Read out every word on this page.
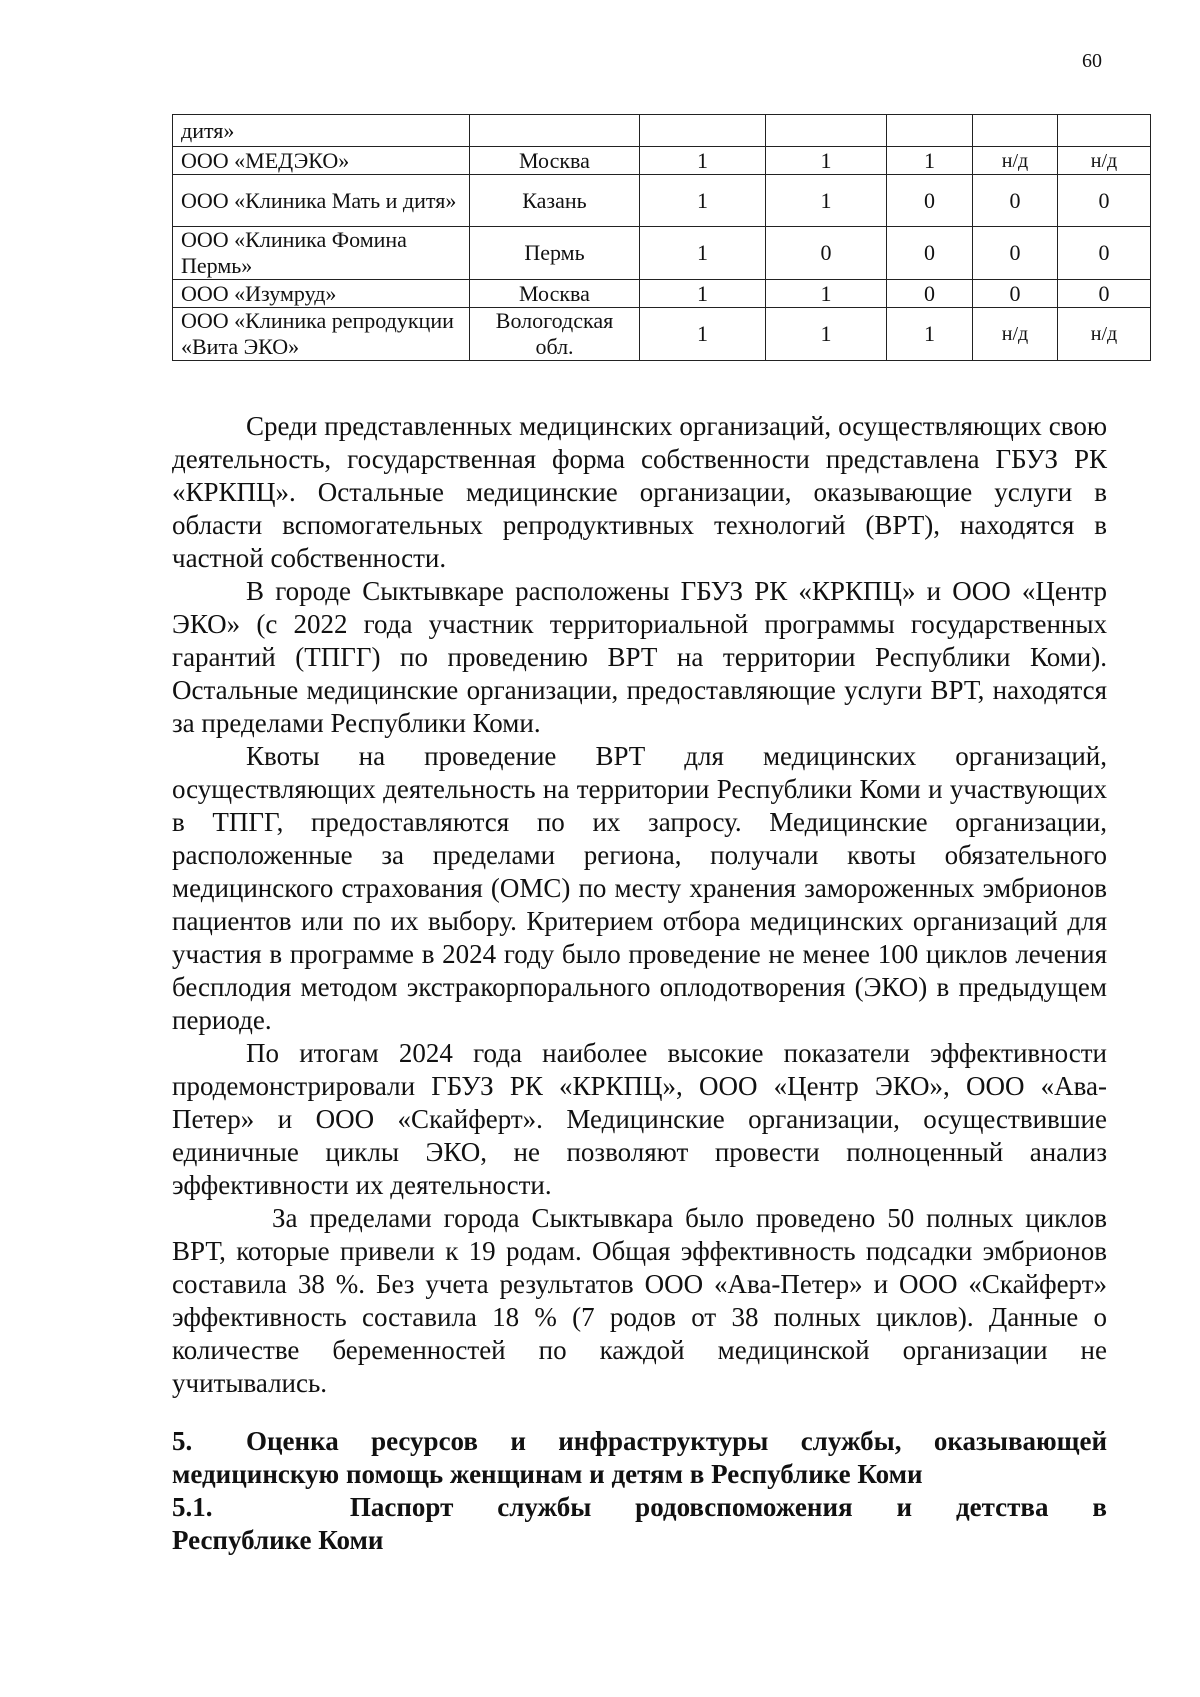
60
дитя»						
ООО «МЕДЭКО»	Москва	1	1	1	н/д	н/д
ООО «Клиника Мать и дитя»	Казань	1	1	0	0	0
ООО «Клиника Фомина Пермь»	Пермь	1	0	0	0	0
ООО «Изумруд»	Москва	1	1	0	0	0
ООО «Клиника репродукции «Вита ЭКО»	Вологодская обл.	1	1	1	н/д	н/д

Среди представленных медицинских организаций, осуществляющих свою деятельность, государственная форма собственности представлена ГБУЗ РК «КРКПЦ». Остальные медицинские организации, оказывающие услуги в области вспомогательных репродуктивных технологий (ВРТ), находятся в частной собственности.

В городе Сыктывкаре расположены ГБУЗ РК «КРКПЦ» и ООО «Центр ЭКО» (с 2022 года участник территориальной программы государственных гарантий (ТПГГ) по проведению ВРТ на территории Республики Коми). Остальные медицинские организации, предоставляющие услуги ВРТ, находятся за пределами Республики Коми.

Квоты на проведение ВРТ для медицинских организаций, осуществляющих деятельность на территории Республики Коми и участвующих в ТПГГ, предоставляются по их запросу. Медицинские организации, расположенные за пределами региона, получали квоты обязательного медицинского страхования (ОМС) по месту хранения замороженных эмбрионов пациентов или по их выбору. Критерием отбора медицинских организаций для участия в программе в 2024 году было проведение не менее 100 циклов лечения бесплодия методом экстракорпорального оплодотворения (ЭКО) в предыдущем периоде.

По итогам 2024 года наиболее высокие показатели эффективности продемонстрировали ГБУЗ РК «КРКПЦ», ООО «Центр ЭКО», ООО «Ава-Петер» и ООО «Скайферт». Медицинские организации, осуществившие единичные циклы ЭКО, не позволяют провести полноценный анализ эффективности их деятельности.

За пределами города Сыктывкара было проведено 50 полных циклов ВРТ, которые привели к 19 родам. Общая эффективность подсадки эмбрионов составила 38 %. Без учета результатов ООО «Ава-Петер» и ООО «Скайферт» эффективность составила 18 % (7 родов от 38 полных циклов). Данные о количестве беременностей по каждой медицинской организации не учитывались.

5. Оценка ресурсов и инфраструктуры службы, оказывающей медицинскую помощь женщинам и детям в Республике Коми

5.1.	Паспорт службы родовспоможения и детства в
Республике Коми
